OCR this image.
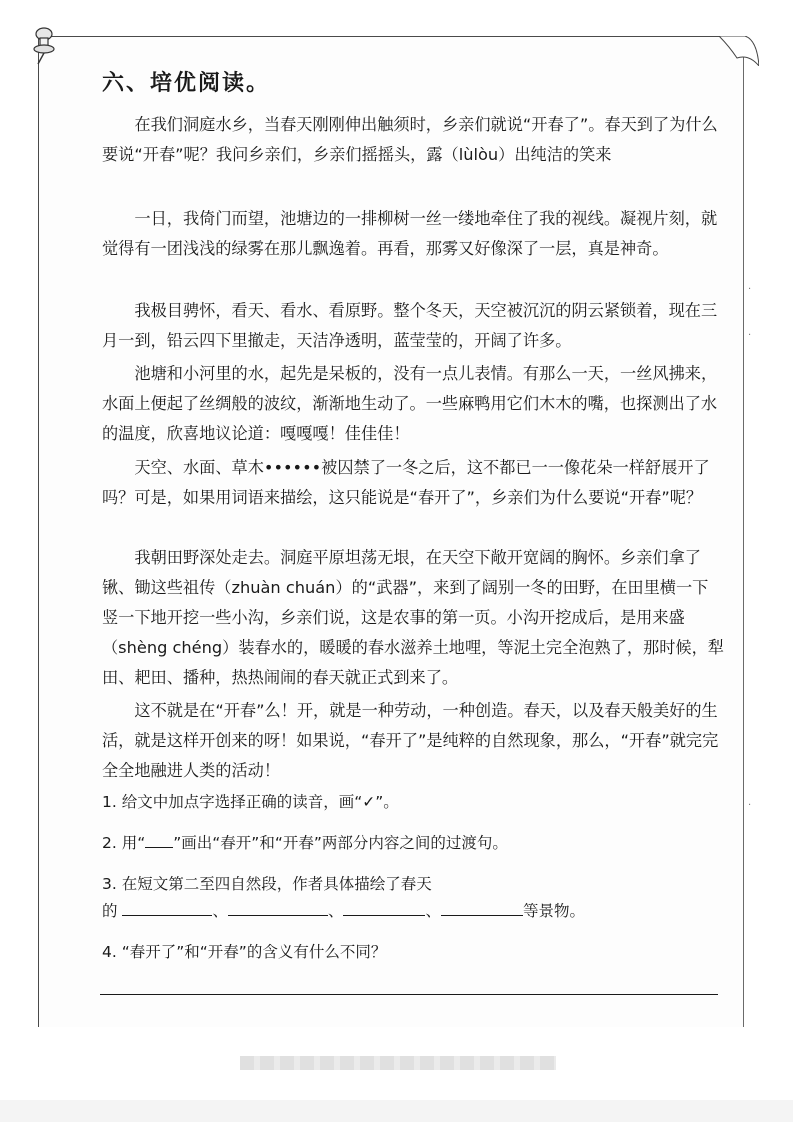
六、培优阅读。

在我们洞庭水乡，当春天刚刚伸出触须时，乡亲们就说“开春了”。春天到了为什么要说“开春”呢？我问乡亲们，乡亲们摇摇头，露（lùlòu）出纯洁的笑来

一日，我倚门而望，池塘边的一排柳树一丝一缕地牵住了我的视线。凝视片刻，就觉得有一团浅浅的绿雾在那儿飘逸着。再看，那雾又好像深了一层，真是神奇。

我极目骋怀，看天、看水、看原野。整个冬天，天空被沉沉的阴云紧锁着，现在三月一到，铅云四下里撤走，天洁净透明，蓝莹莹的，开阔了许多。

池塘和小河里的水，起先是呆板的，没有一点儿表情。有那么一天，一丝风拂来，水面上便起了丝绸般的波纹，渐渐地生动了。一些麻鸭用它们木木的嘴，也探测出了水的温度，欣喜地议论道：嘎嘎嘎！佳佳佳！

天空、水面、草木••••••被囚禁了一冬之后，这不都已一一像花朵一样舒展开了吗？可是，如果用词语来描绘，这只能说是“春开了”，乡亲们为什么要说“开春”呢？

我朝田野深处走去。洞庭平原坦荡无垠，在天空下敞开宽阔的胸怀。乡亲们拿了锹、锄这些祖传（zhuàn chuán）的“武器”，来到了阔别一冬的田野，在田里横一下竖一下地开挖一些小沟，乡亲们说，这是农事的第一页。小沟开挖成后，是用来盛（shèng chéng）装春水的，暖暖的春水滋养土地哩，等泥土完全泡熟了，那时候，犁田、耙田、播种，热热闹闹的春天就正式到来了。

这不就是在“开春”么！开，就是一种劳动，一种创造。春天，以及春天般美好的生活，就是这样开创来的呀！如果说，“春开了”是纯粹的自然现象，那么，“开春”就完完全全地融进人类的活动！

1. 给文中加点字选择正确的读音，画“✓”。

2. 用“ ”画出“春开”和“开春”两部分内容之间的过渡句。

3. 在短文第二至四自然段，作者具体描绘了春天

的	、	、	、	等景物。

4. “春开了”和“开春”的含义有什么不同？

·
·
·
